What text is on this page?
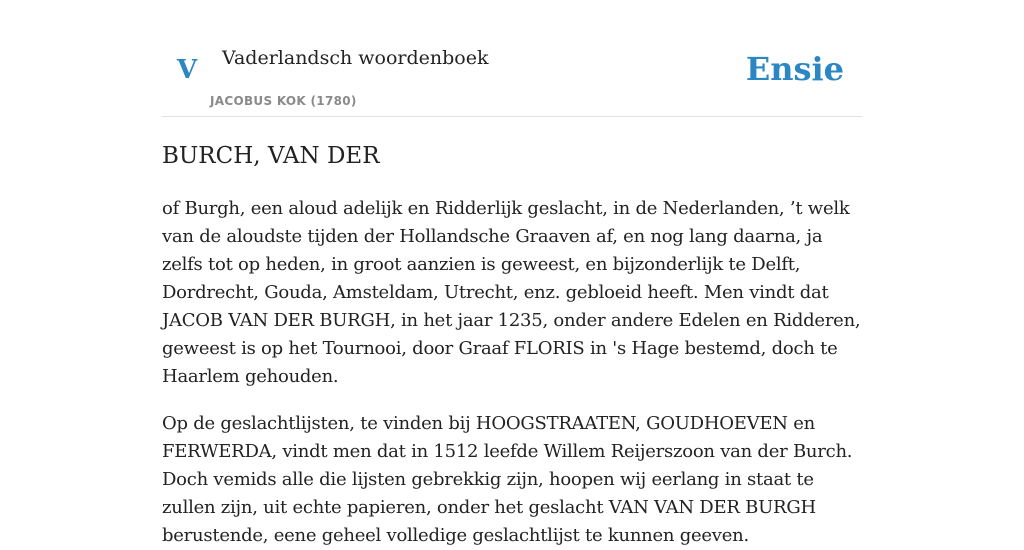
V Vaderlandsch woordenboek
JACOBUS KOK (1780)
Ensie
BURCH, VAN DER

of Burgh, een aloud adelijk en Ridderlijk geslacht, in de Nederlanden, ’t welk van de aloudste tijden der Hollandsche Graaven af, en nog lang daarna, ja zelfs tot op heden, in groot aanzien is geweest, en bijzonderlijk te Delft, Dordrecht, Gouda, Amsteldam, Utrecht, enz. gebloeid heeft. Men vindt dat JACOB VAN DER BURGH, in het jaar 1235, onder andere Edelen en Ridderen, geweest is op het Tournooi, door Graaf FLORIS in 's Hage bestemd, doch te Haarlem gehouden.

Op de geslachtlijsten, te vinden bij HOOGSTRAATEN, GOUDHOEVEN en FERWERDA, vindt men dat in 1512 leefde Willem Reijerszoon van der Burch. Doch vemids alle die lijsten gebrekkig zijn, hoopen wij eerlang in staat te zullen zijn, uit echte papieren, onder het geslacht VAN VAN DER BURGH berustende, eene geheel volledige geslachtlijst te kunnen geeven.
